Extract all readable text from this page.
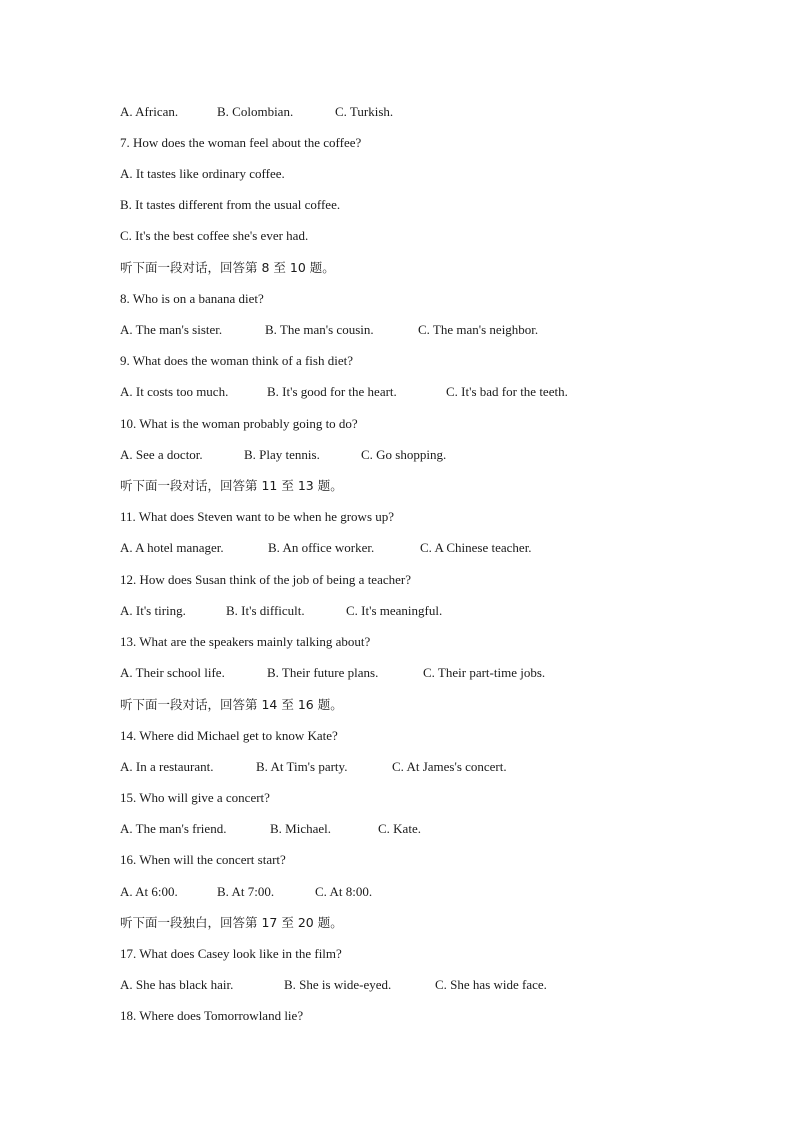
A. African.	B. Colombian.	C. Turkish.
7. How does the woman feel about the coffee?
A. It tastes like ordinary coffee.
B. It tastes different from the usual coffee.
C. It's the best coffee she's ever had.
听下面一段对话，回答第 8 至 10 题。
8. Who is on a banana diet?
A. The man's sister.	B. The man's cousin.	C. The man's neighbor.
9. What does the woman think of a fish diet?
A. It costs too much.	B. It's good for the heart.	C. It's bad for the teeth.
10. What is the woman probably going to do?
A. See a doctor.	B. Play tennis.	C. Go shopping.
听下面一段对话，回答第 11 至 13 题。
11. What does Steven want to be when he grows up?
A. A hotel manager.	B. An office worker.	C. A Chinese teacher.
12. How does Susan think of the job of being a teacher?
A. It's tiring.	B. It's difficult.	C. It's meaningful.
13. What are the speakers mainly talking about?
A. Their school life.	B. Their future plans.	C. Their part-time jobs.
听下面一段对话，回答第 14 至 16 题。
14. Where did Michael get to know Kate?
A. In a restaurant.	B. At Tim's party.	C. At James's concert.
15. Who will give a concert?
A. The man's friend.	B. Michael.	C. Kate.
16. When will the concert start?
A. At 6:00.	B. At 7:00.	C. At 8:00.
听下面一段独白，回答第 17 至 20 题。
17. What does Casey look like in the film?
A. She has black hair.	B. She is wide-eyed.	C. She has wide face.
18. Where does Tomorrowland lie?
